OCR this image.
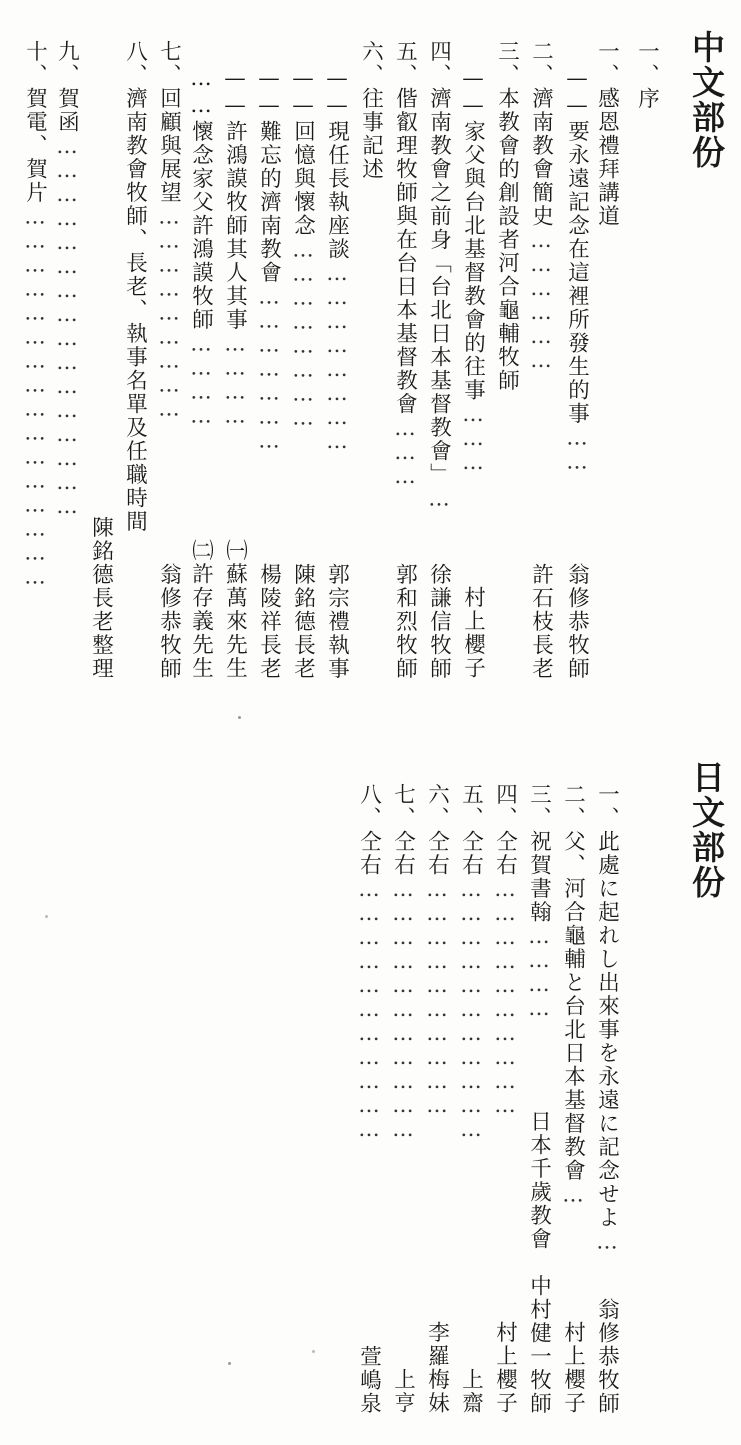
中文部份
一、序
一、感恩禮拜講道
——要永遠記念在這裡所發生的事……
翁修恭牧師
二、濟南教會簡史………………
許石枝長老
三、本教會的創設者河合龜輔牧師
——家父與台北基督教會的往事………
村上櫻子
四、濟南教會之前身「台北日本基督教會」…
徐謙信牧師
五、偕叡理牧師與在台日本基督教會………
郭和烈牧師
六、往事記述
——現任長執座談……………………
郭宗禮執事
——回憶與懷念……………………
陳銘德長老
——難忘的濟南教會…………………
楊陵祥長老
——許鴻謨牧師其人其事…………
㈠蘇萬來先生
……懷念家父許鴻謨牧師…………
㈡許存義先生
七、回顧與展望………………………
翁修恭牧師
八、濟南教會牧師、長老、執事名單及任職時間
陳銘德長老整理
九、賀函…………………………………………
十、賀電、賀片…………………………………………
日文部份
一、此處に起れし出來事を永遠に記念せよ…
翁修恭牧師
二、父、河合龜輔と台北日本基督教會…
村上櫻子
三、祝賀書翰…………
日本千歲教會　中村健一牧師
四、仝右…………………………
村上櫻子
五、仝右……………………………
上齋
六、仝右…………………………
李羅梅妹
七、仝右……………………………
上亨
八、仝右……………………………
萱嶋泉
